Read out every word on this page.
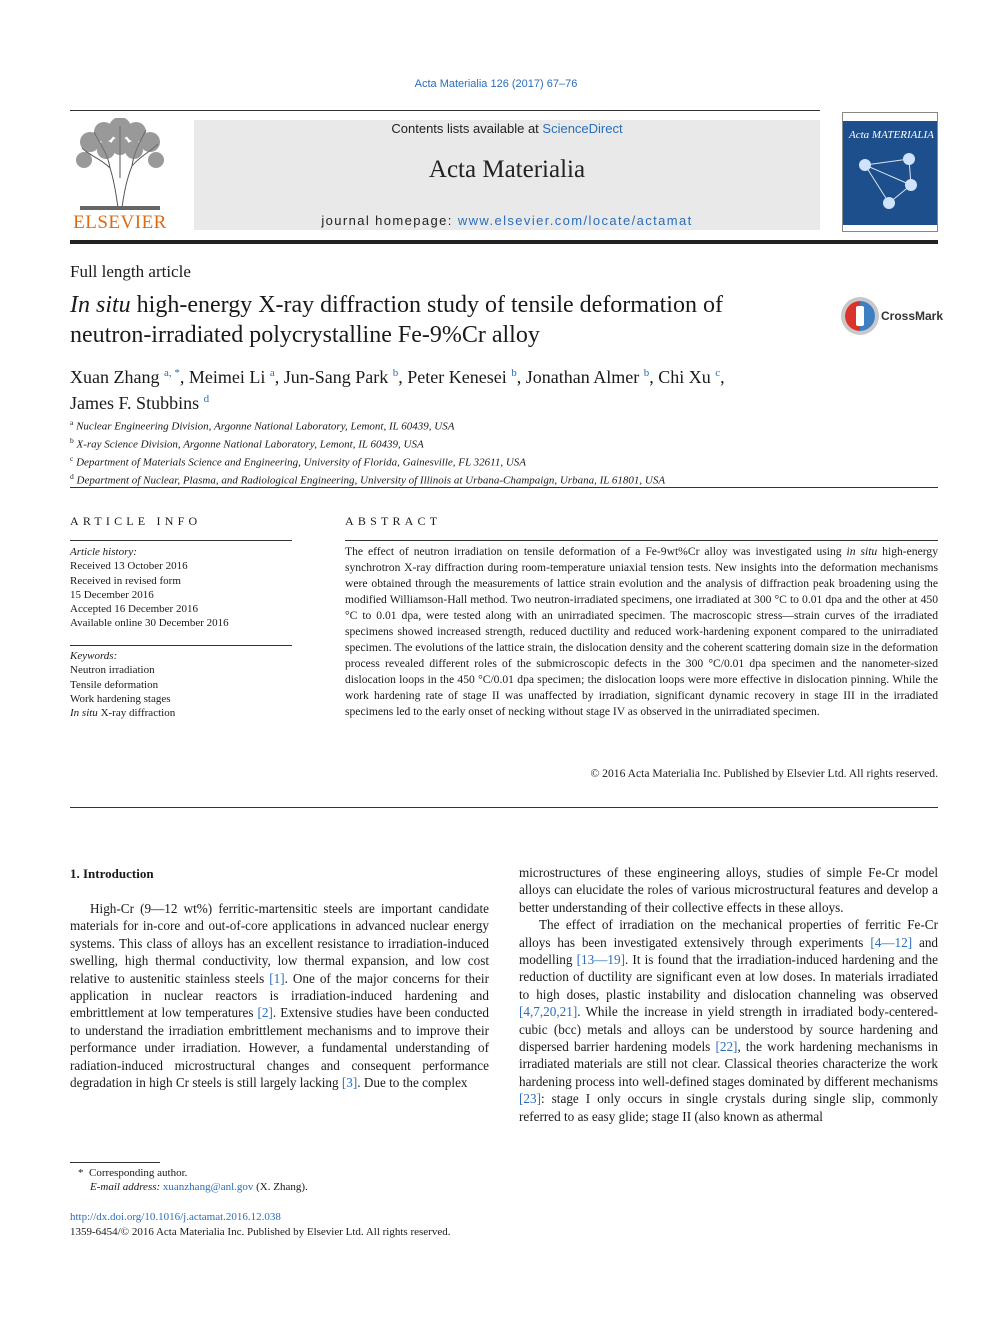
Acta Materialia 126 (2017) 67–76
ELSEVIER
Contents lists available at ScienceDirect
Acta Materialia
journal homepage: www.elsevier.com/locate/actamat
Acta MATERIALIA
Full length article
In situ high-energy X-ray diffraction study of tensile deformation of neutron-irradiated polycrystalline Fe-9%Cr alloy
CrossMark
Xuan Zhang $^{a, *}$, Meimei Li $^a$, Jun-Sang Park $^b$, Peter Kenesei $^b$, Jonathan Almer $^b$, Chi Xu $^c$,
James F. Stubbins $^d$
$^a$ Nuclear Engineering Division, Argonne National Laboratory, Lemont, IL 60439, USA
$^b$ X-ray Science Division, Argonne National Laboratory, Lemont, IL 60439, USA
$^c$ Department of Materials Science and Engineering, University of Florida, Gainesville, FL 32611, USA
$^d$ Department of Nuclear, Plasma, and Radiological Engineering, University of Illinois at Urbana-Champaign, Urbana, IL 61801, USA
ARTICLE INFO
Article history:
Received 13 October 2016
Received in revised form
15 December 2016
Accepted 16 December 2016
Available online 30 December 2016
Keywords:
Neutron irradiation
Tensile deformation
Work hardening stages
In situ X-ray diffraction
ABSTRACT
The effect of neutron irradiation on tensile deformation of a Fe-9wt%Cr alloy was investigated using in situ high-energy synchrotron X-ray diffraction during room-temperature uniaxial tension tests. New insights into the deformation mechanisms were obtained through the measurements of lattice strain evolution and the analysis of diffraction peak broadening using the modified Williamson-Hall method. Two neutron-irradiated specimens, one irradiated at 300 °C to 0.01 dpa and the other at 450 °C to 0.01 dpa, were tested along with an unirradiated specimen. The macroscopic stress—strain curves of the irradiated specimens showed increased strength, reduced ductility and reduced work-hardening exponent compared to the unirradiated specimen. The evolutions of the lattice strain, the dislocation density and the coherent scattering domain size in the deformation process revealed different roles of the submicroscopic defects in the 300 °C/0.01 dpa specimen and the nanometer-sized dislocation loops in the 450 °C/0.01 dpa specimen; the dislocation loops were more effective in dislocation pinning. While the work hardening rate of stage II was unaffected by irradiation, significant dynamic recovery in stage III in the irradiated specimens led to the early onset of necking without stage IV as observed in the unirradiated specimen.
© 2016 Acta Materialia Inc. Published by Elsevier Ltd. All rights reserved.
1. Introduction

High-Cr (9—12 wt%) ferritic-martensitic steels are important candidate materials for in-core and out-of-core applications in advanced nuclear energy systems. This class of alloys has an excellent resistance to irradiation-induced swelling, high thermal conductivity, low thermal expansion, and low cost relative to austenitic stainless steels [1]. One of the major concerns for their application in nuclear reactors is irradiation-induced hardening and embrittlement at low temperatures [2]. Extensive studies have been conducted to understand the irradiation embrittlement mechanisms and to improve their performance under irradiation. However, a fundamental understanding of radiation-induced microstructural changes and consequent performance degradation in high Cr steels is still largely lacking [3]. Due to the complex

microstructures of these engineering alloys, studies of simple Fe-Cr model alloys can elucidate the roles of various microstructural features and develop a better understanding of their collective effects in these alloys.

The effect of irradiation on the mechanical properties of ferritic Fe-Cr alloys has been investigated extensively through experiments [4—12] and modelling [13—19]. It is found that the irradiation-induced hardening and the reduction of ductility are significant even at low doses. In materials irradiated to high doses, plastic instability and dislocation channeling was observed [4,7,20,21]. While the increase in yield strength in irradiated body-centered-cubic (bcc) metals and alloys can be understood by source hardening and dispersed barrier hardening models [22], the work hardening mechanisms in irradiated materials are still not clear. Classical theories characterize the work hardening process into well-defined stages dominated by different mechanisms [23]: stage I only occurs in single crystals during single slip, commonly referred to as easy glide; stage II (also known as athermal

* Corresponding author.
E-mail address: xuanzhang@anl.gov (X. Zhang).
http://dx.doi.org/10.1016/j.actamat.2016.12.038
1359-6454/© 2016 Acta Materialia Inc. Published by Elsevier Ltd. All rights reserved.
